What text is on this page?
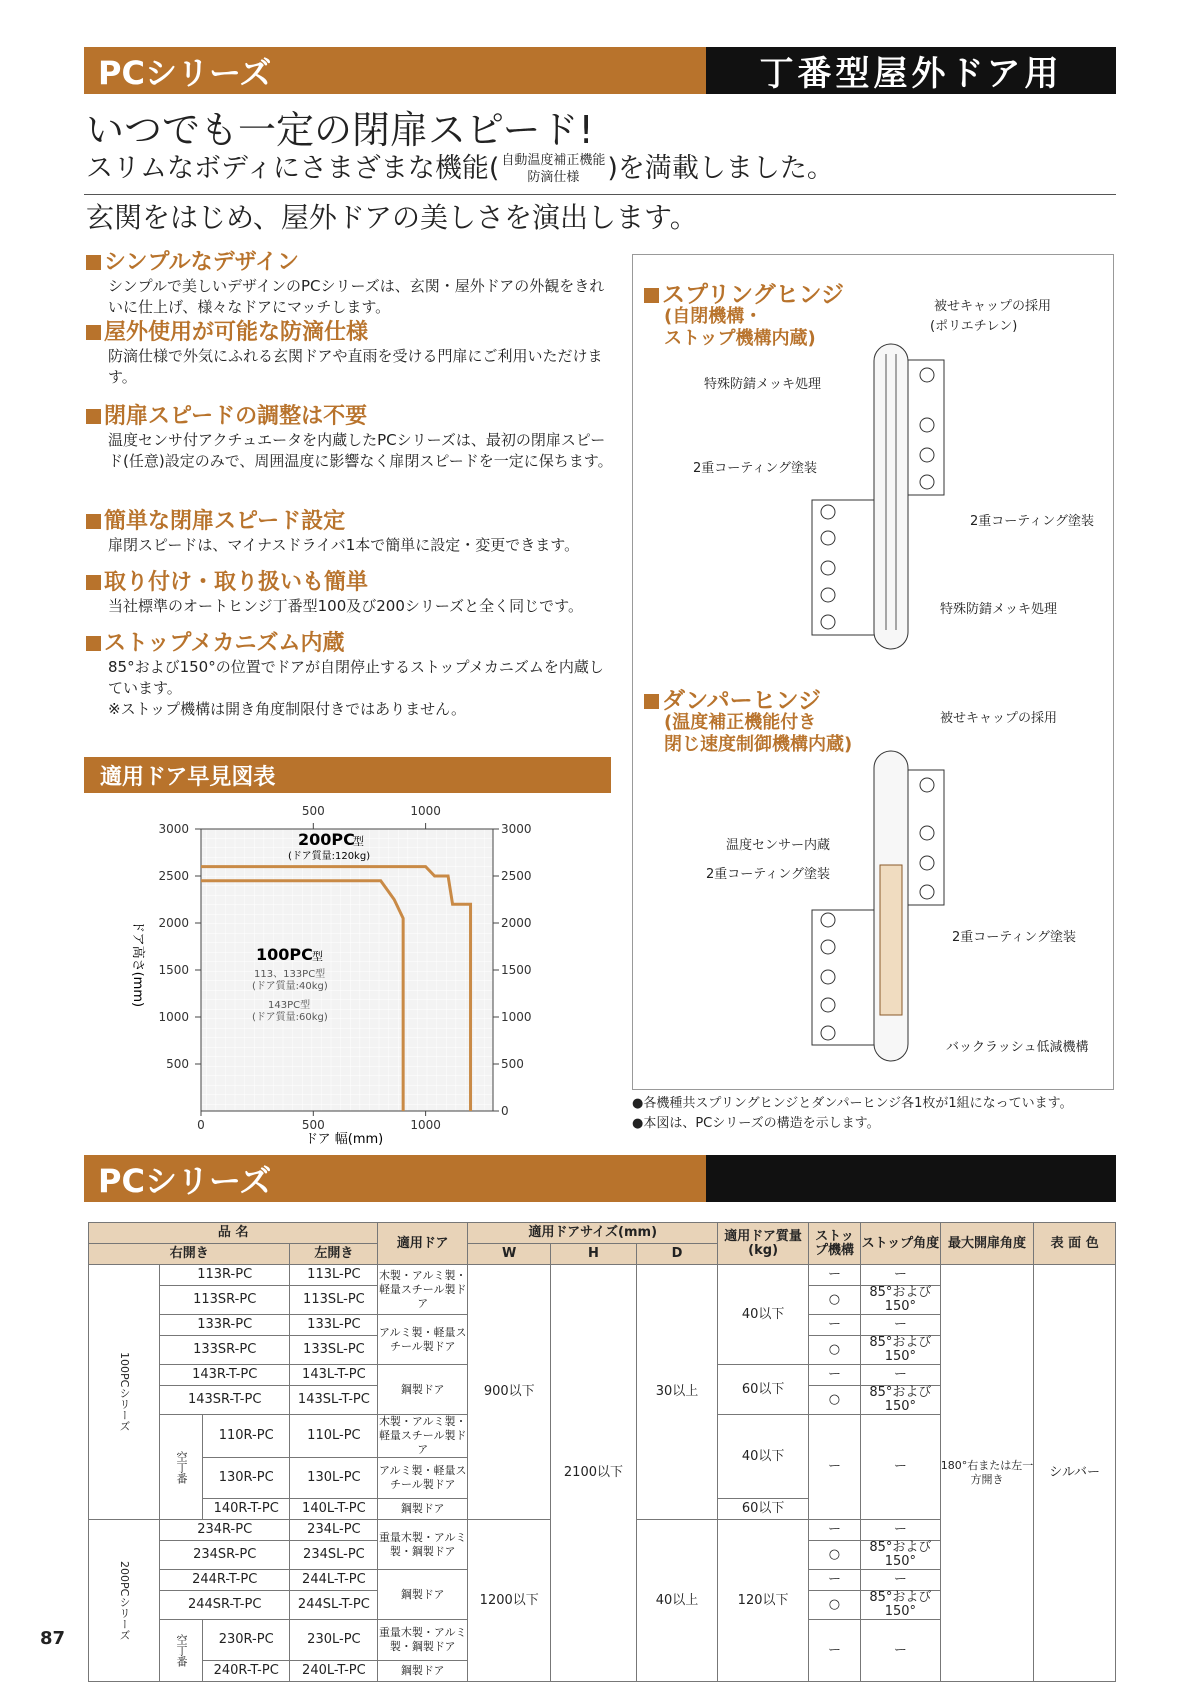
PCシリーズ	丁番型屋外ドア用
いつでも一定の閉扉スピード!
スリムなボディにさまざまな機能( 自動温度補正機能
防滴仕様	)を満載しました。
玄関をはじめ、屋外ドアの美しさを演出します。
シンプルなデザイン
シンプルで美しいデザインのPCシリーズは、玄関・屋外ドアの外観をきれいに仕上げ、様々なドアにマッチします。
屋外使用が可能な防滴仕様
防滴仕様で外気にふれる玄関ドアや直雨を受ける門扉にご利用いただけます。
閉扉スピードの調整は不要
温度センサ付アクチュエータを内蔵したPCシリーズは、最初の閉扉スピード(任意)設定のみで、周囲温度に影響なく扉閉スピードを一定に保ちます。
簡単な閉扉スピード設定
扉閉スピードは、マイナスドライバ1本で簡単に設定・変更できます。
取り付け・取り扱いも簡単
当社標準のオートヒンジ丁番型100及び200シリーズと全く同じです。
ストップメカニズム内蔵
85°および150°の位置でドアが自閉停止するストップメカニズムを内蔵しています。
※ストップ機構は開き角度制限付きではありません。
適用ドア早見図表
500
1000
1500
2000
2500
3000
0
500
1000
1500
2000
2500
3000
0	500	1000
500	1000
200PC
型
(ドア質量:120kg)
100PC 型
113、133PC型
(ドア質量:40kg)
143PC型
(ドア質量:60kg)
ドア 幅(mm)
ドア高さ(mm)
スプリングヒンジ
(自閉機構・
ストップ機構内蔵)
被せキャップの採用
(ポリエチレン)
特殊防錆メッキ処理
2重コーティング塗装
2重コーティング塗装
特殊防錆メッキ処理
ダンパーヒンジ
(温度補正機能付き
閉じ速度制御機構内蔵)
被せキャップの採用
温度センサー内蔵
2重コーティング塗装
2重コーティング塗装
バックラッシュ低減機構
●各機種共スプリングヒンジとダンパーヒンジ各1枚が1組になっています。
●本図は、PCシリーズの構造を示します。
PCシリーズ
品 名				適用ドア	適用ドアサイズ(mm)			適用ドア質量(kg)	ストップ機構	ストップ角度	最大開扉角度	表 面 色
右開き			左開き		W	H	D					
100PCシリーズ	113R-PC		113L-PC	木製・アルミ製・軽量スチール製ドア	900以下	2100以下	30以上	40以下	ー	ー	180°右または左一方開き	シルバー
	113SR-PC		113SL-PC						○	85°および150°		
	133R-PC		133L-PC	アルミ製・軽量スチール製ドア					ー	ー		
	133SR-PC		133SL-PC						○	85°および150°		
	143R-T-PC		143L-T-PC	鋼製ドア				60以下	ー	ー		
	143SR-T-PC		143SL-T-PC						○	85°および150°		
	空丁番	110R-PC	110L-PC	木製・アルミ製・軽量スチール製ドア				40以下	ー	ー		
		130R-PC	130L-PC	アルミ製・軽量スチール製ドア								
		140R-T-PC	140L-T-PC	鋼製ドア				60以下				
200PCシリーズ	234R-PC		234L-PC	重量木製・アルミ製・鋼製ドア	1200以下		40以上	120以下	ー	ー		
	234SR-PC		234SL-PC						○	85°および150°		
	244R-T-PC		244L-T-PC	鋼製ドア					ー	ー		
	244SR-T-PC		244SL-T-PC						○	85°および150°		
	空丁番	230R-PC	230L-PC	重量木製・アルミ製・鋼製ドア					ー	ー		
		240R-T-PC	240L-T-PC	鋼製ドア								
87
